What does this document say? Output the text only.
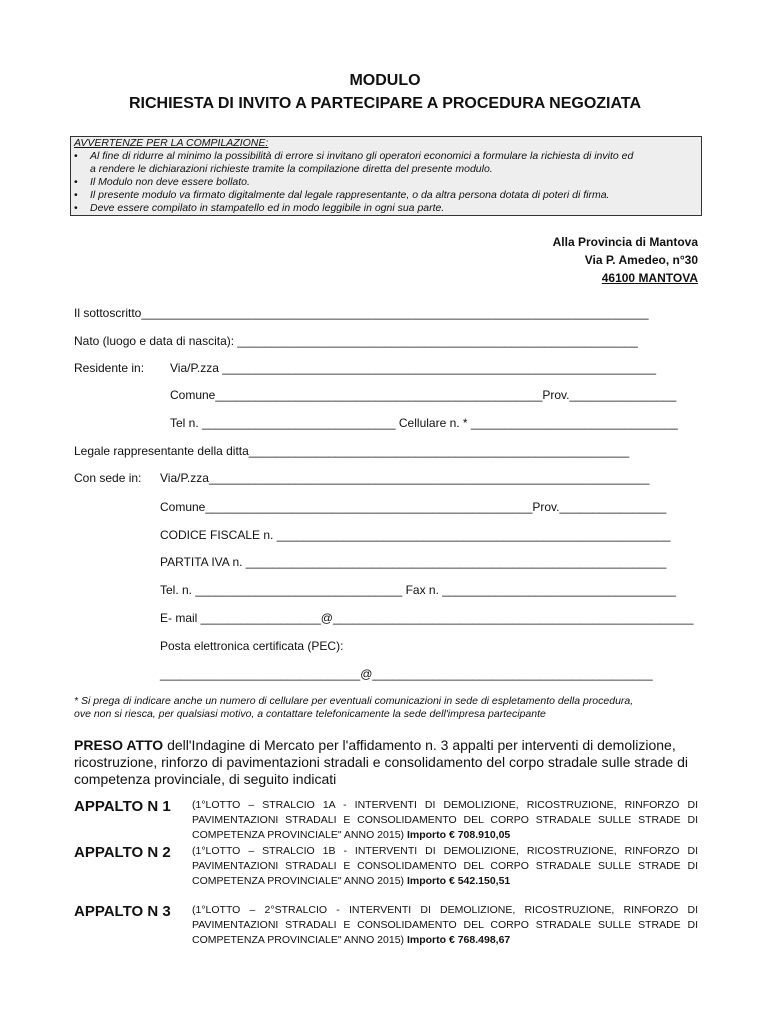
MODULO
RICHIESTA DI INVITO A PARTECIPARE A PROCEDURA NEGOZIATA
AVVERTENZE PER LA COMPILAZIONE:
• Al fine di ridurre al minimo la possibilità di errore si invitano gli operatori economici a formulare la richiesta di invito ed
a rendere le dichiarazioni richieste tramite la compilazione diretta del presente modulo.
• Il Modulo non deve essere bollato.
• Il presente modulo va firmato digitalmente dal legale rappresentante, o da altra persona dotata di poteri di firma.
• Deve essere compilato in stampatello ed in modo leggibile in ogni sua parte.
Alla Provincia di Mantova
Via P. Amedeo, n°30
46100 MANTOVA
Il sottoscritto____________________________________________________________________________
Nato (luogo e data di nascita): ____________________________________________________________
Residente in: Via/P.zza _________________________________________________________________
Comune_________________________________________________Prov.________________
Tel n. _____________________________ Cellulare n. * _______________________________
Legale rappresentante della ditta_________________________________________________________
Con sede in: Via/P.zza__________________________________________________________________
Comune_________________________________________________Prov.________________
CODICE FISCALE n. ___________________________________________________________
PARTITA IVA n. _______________________________________________________________
Tel. n. _______________________________ Fax n. ___________________________________
E- mail __________________@______________________________________________________
Posta elettronica certificata (PEC):
______________________________@__________________________________________
* Si prega di indicare anche un numero di cellulare per eventuali comunicazioni in sede di espletamento della procedura,
ove non si riesca, per qualsiasi motivo, a contattare telefonicamente la sede dell'impresa partecipante
PRESO ATTO dell'Indagine di Mercato per l'affidamento n. 3 appalti per interventi di demolizione, ricostruzione, rinforzo di pavimentazioni stradali e consolidamento del corpo stradale sulle strade di competenza provinciale, di seguito indicati
APPALTO N 1 (1°LOTTO – STRALCIO 1A - INTERVENTI DI DEMOLIZIONE, RICOSTRUZIONE, RINFORZO DI PAVIMENTAZIONI STRADALI E CONSOLIDAMENTO DEL CORPO STRADALE SULLE STRADE DI COMPETENZA PROVINCIALE" ANNO 2015) Importo € 708.910,05
APPALTO N 2 (1°LOTTO – STRALCIO 1B - INTERVENTI DI DEMOLIZIONE, RICOSTRUZIONE, RINFORZO DI PAVIMENTAZIONI STRADALI E CONSOLIDAMENTO DEL CORPO STRADALE SULLE STRADE DI COMPETENZA PROVINCIALE" ANNO 2015) Importo € 542.150,51
APPALTO N 3 (1°LOTTO – 2°STRALCIO - INTERVENTI DI DEMOLIZIONE, RICOSTRUZIONE, RINFORZO DI PAVIMENTAZIONI STRADALI E CONSOLIDAMENTO DEL CORPO STRADALE SULLE STRADE DI COMPETENZA PROVINCIALE" ANNO 2015) Importo € 768.498,67
